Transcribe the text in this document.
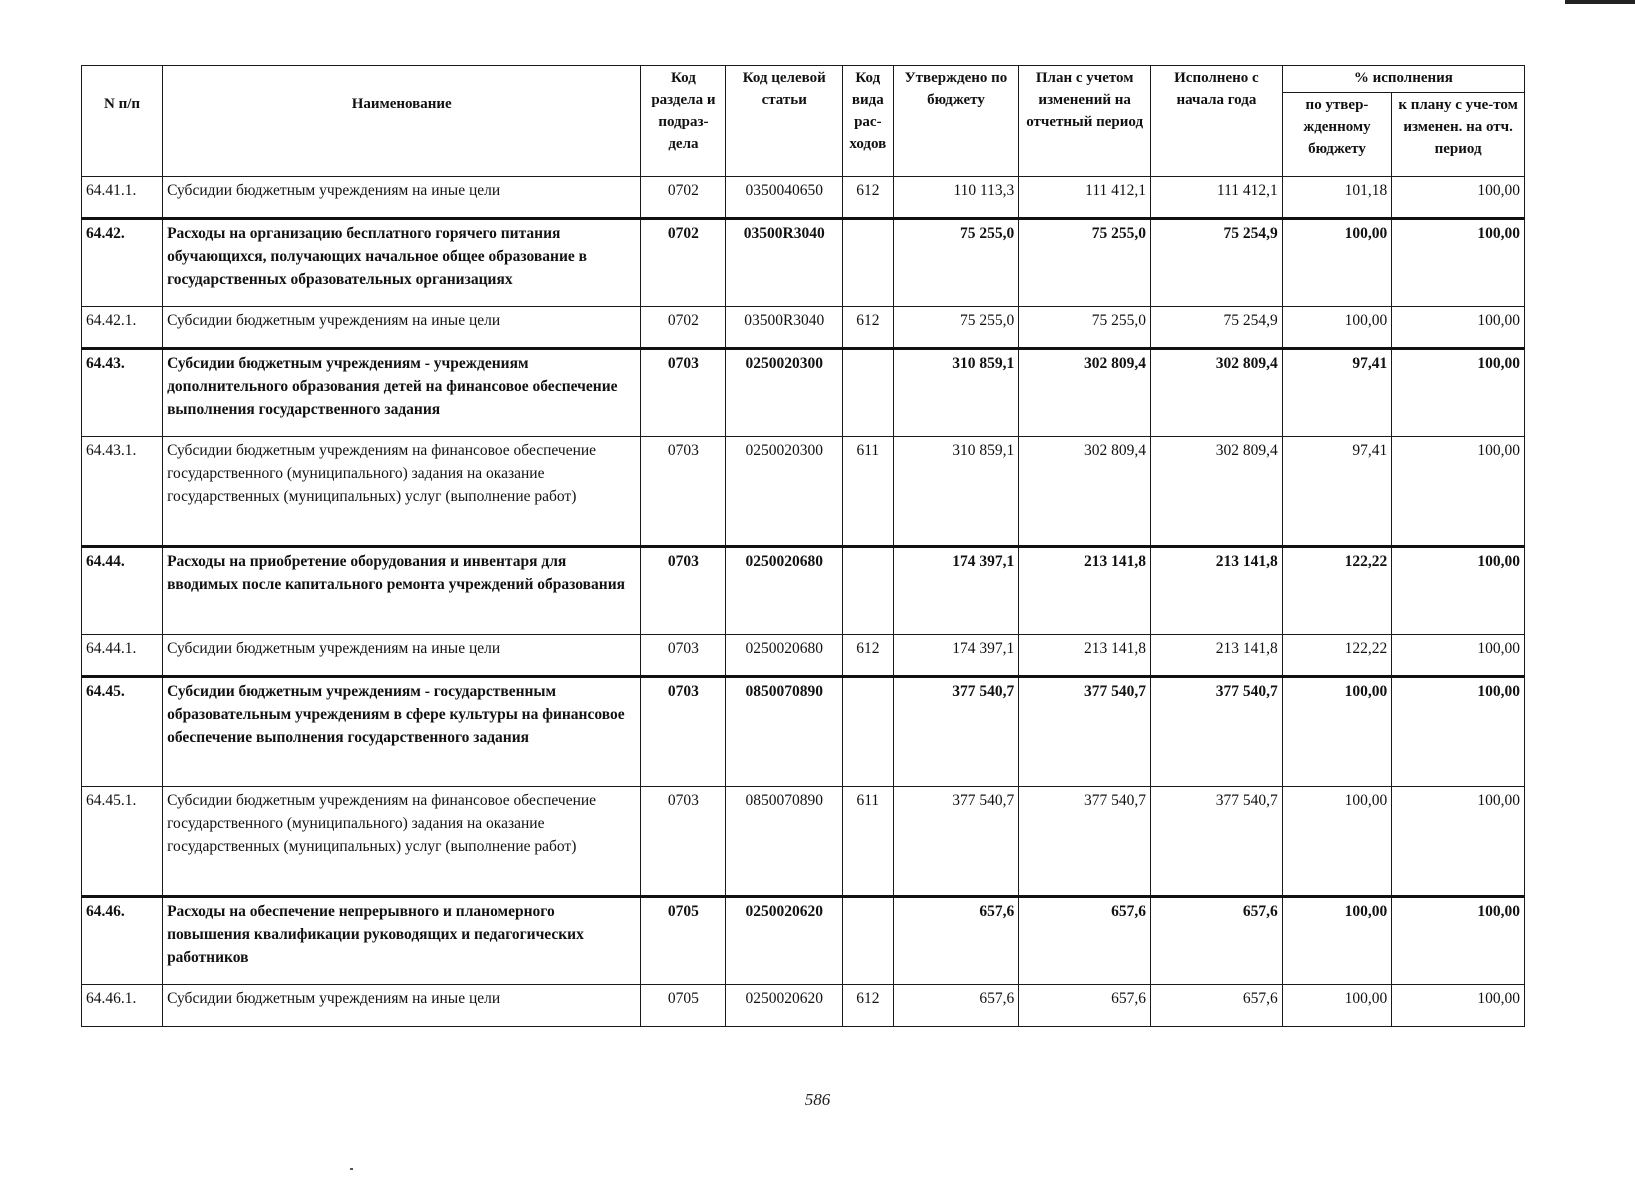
N п/п	Наименование	Код раздела и подраз-дела	Код целевой статьи	Код вида рас-ходов	Утверждено по бюджету	План с учетом изменений на отчетный период	Исполнено с начала года	% исполнения	
								по утвер-жденному бюджету	к плану с уче-том изменен. на отч. период
64.41.1.	Субсидии бюджетным учреждениям на иные цели	0702	0350040650	612	110 113,3	111 412,1	111 412,1	101,18	100,00
64.42.	Расходы на организацию бесплатного горячего питания обучающихся, получающих начальное общее образование в государственных образовательных организациях	0702	03500R3040		75 255,0	75 255,0	75 254,9	100,00	100,00
64.42.1.	Субсидии бюджетным учреждениям на иные цели	0702	03500R3040	612	75 255,0	75 255,0	75 254,9	100,00	100,00
64.43.	Субсидии бюджетным учреждениям - учреждениям дополнительного образования детей на финансовое обеспечение выполнения государственного задания	0703	0250020300		310 859,1	302 809,4	302 809,4	97,41	100,00
64.43.1.	Субсидии бюджетным учреждениям на финансовое обеспечение государственного (муниципального) задания на оказание государственных (муниципальных) услуг (выполнение работ)	0703	0250020300	611	310 859,1	302 809,4	302 809,4	97,41	100,00
64.44.	Расходы на приобретение оборудования и инвентаря для вводимых после капитального ремонта учреждений образования	0703	0250020680		174 397,1	213 141,8	213 141,8	122,22	100,00
64.44.1.	Субсидии бюджетным учреждениям на иные цели	0703	0250020680	612	174 397,1	213 141,8	213 141,8	122,22	100,00
64.45.	Субсидии бюджетным учреждениям - государственным образовательным учреждениям в сфере культуры на финансовое обеспечение выполнения государственного задания	0703	0850070890		377 540,7	377 540,7	377 540,7	100,00	100,00
64.45.1.	Субсидии бюджетным учреждениям на финансовое обеспечение государственного (муниципального) задания на оказание государственных (муниципальных) услуг (выполнение работ)	0703	0850070890	611	377 540,7	377 540,7	377 540,7	100,00	100,00
64.46.	Расходы на обеспечение непрерывного и планомерного повышения квалификации руководящих и педагогических работников	0705	0250020620		657,6	657,6	657,6	100,00	100,00
64.46.1.	Субсидии бюджетным учреждениям на иные цели	0705	0250020620	612	657,6	657,6	657,6	100,00	100,00
586
